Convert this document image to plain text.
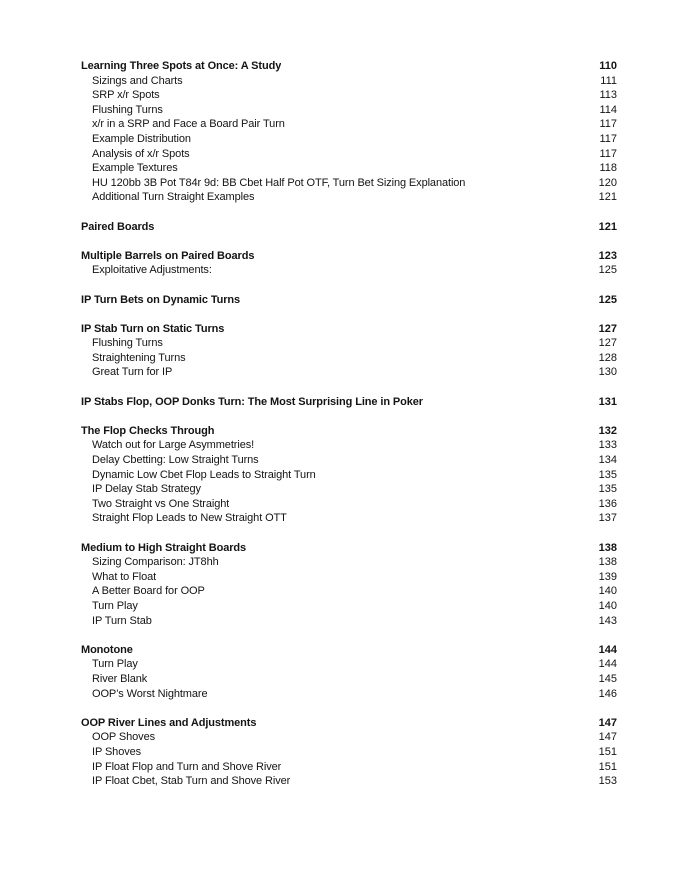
Learning Three Spots at Once: A Study	110
Sizings and Charts	111
SRP x/r Spots	113
Flushing Turns	114
x/r in a SRP and Face a Board Pair Turn	117
Example Distribution	117
Analysis of x/r Spots	117
Example Textures	118
HU 120bb 3B Pot T84r 9d: BB Cbet Half Pot OTF, Turn Bet Sizing Explanation	120
Additional Turn Straight Examples	121
Paired Boards	121
Multiple Barrels on Paired Boards	123
Exploitative Adjustments:	125
IP Turn Bets on Dynamic Turns	125
IP Stab Turn on Static Turns	127
Flushing Turns	127
Straightening Turns	128
Great Turn for IP	130
IP Stabs Flop, OOP Donks Turn: The Most Surprising Line in Poker	131
The Flop Checks Through	132
Watch out for Large Asymmetries!	133
Delay Cbetting: Low Straight Turns	134
Dynamic Low Cbet Flop Leads to Straight Turn	135
IP Delay Stab Strategy	135
Two Straight vs One Straight	136
Straight Flop Leads to New Straight OTT	137
Medium to High Straight Boards	138
Sizing Comparison: JT8hh	138
What to Float	139
A Better Board for OOP	140
Turn Play	140
IP Turn Stab	143
Monotone	144
Turn Play	144
River Blank	145
OOP’s Worst Nightmare	146
OOP River Lines and Adjustments	147
OOP Shoves	147
IP Shoves	151
IP Float Flop and Turn and Shove River	151
IP Float Cbet, Stab Turn and Shove River	153
